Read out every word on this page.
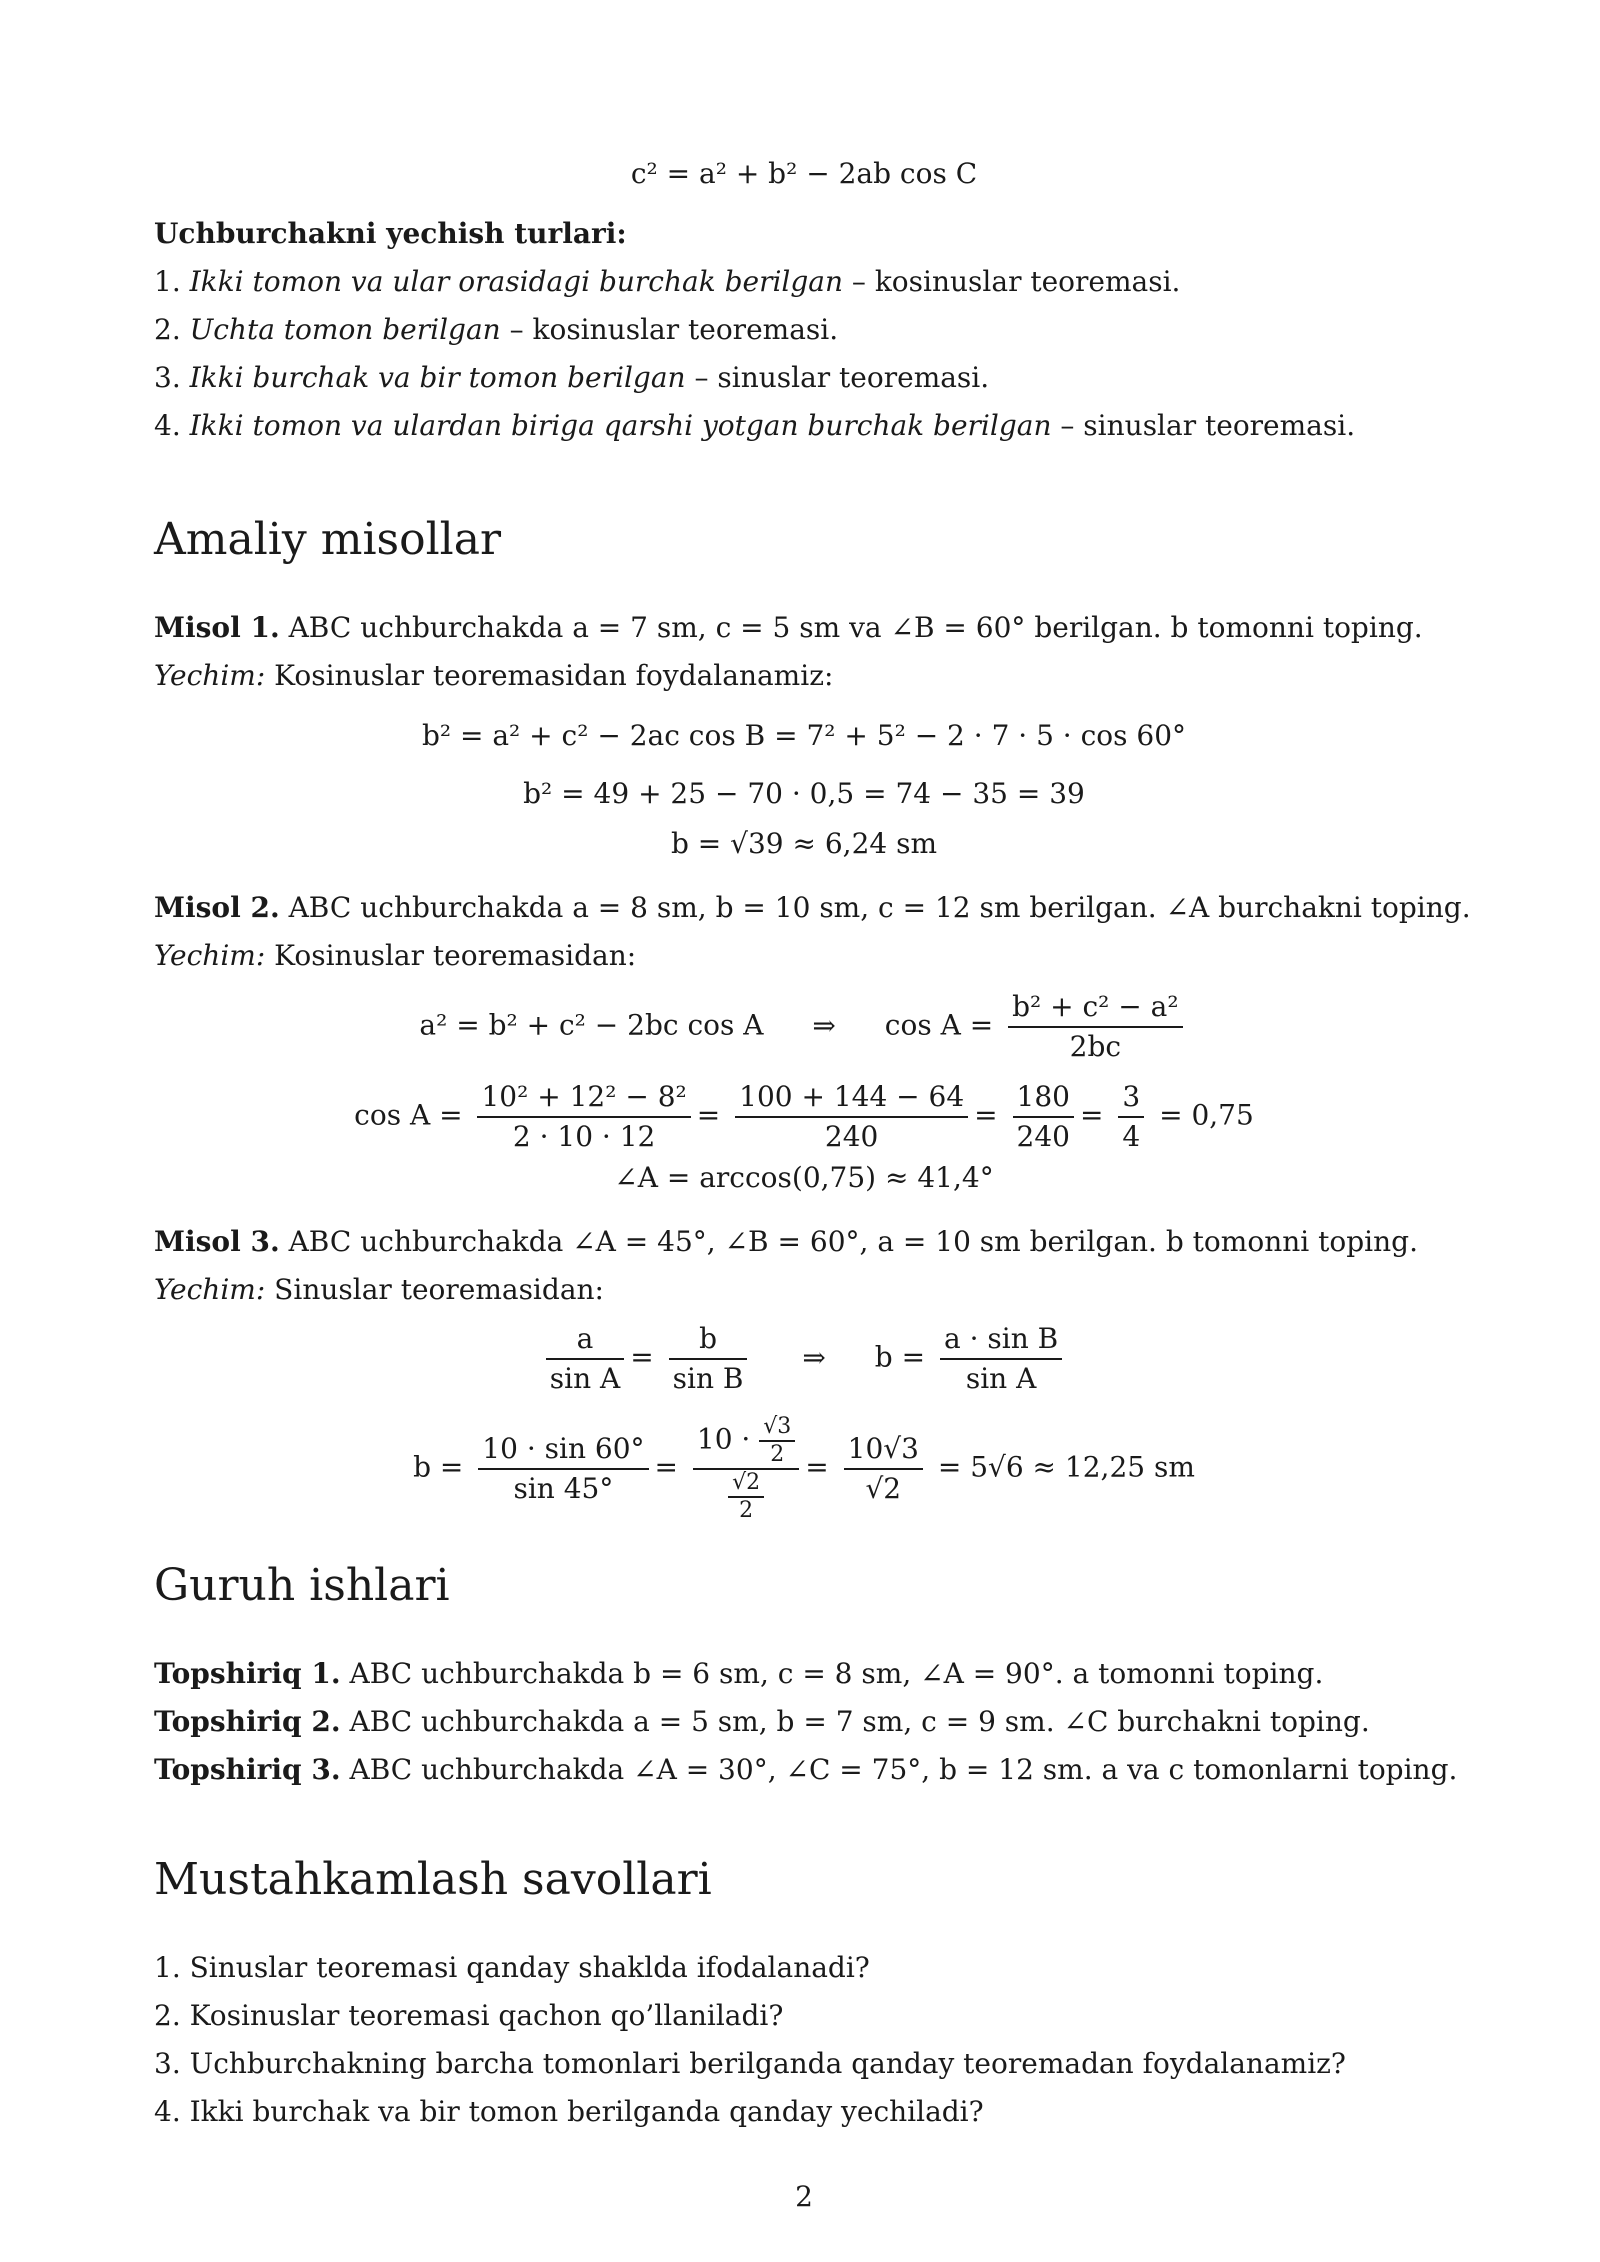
c² = a² + b² − 2ab cos C
Uchburchakni yechish turlari:
1. Ikki tomon va ular orasidagi burchak berilgan – kosinuslar teoremasi.
2. Uchta tomon berilgan – kosinuslar teoremasi.
3. Ikki burchak va bir tomon berilgan – sinuslar teoremasi.
4. Ikki tomon va ulardan biriga qarshi yotgan burchak berilgan – sinuslar teoremasi.
Amaliy misollar
Misol 1. ABC uchburchakda a = 7 sm, c = 5 sm va ∠B = 60° berilgan. b tomonni toping.
Yechim: Kosinuslar teoremasidan foydalanamiz:
b² = a² + c² − 2ac cos B = 7² + 5² − 2 · 7 · 5 · cos 60°
b² = 49 + 25 − 70 · 0,5 = 74 − 35 = 39
b = √39 ≈ 6,24 sm
Misol 2. ABC uchburchakda a = 8 sm, b = 10 sm, c = 12 sm berilgan. ∠A burchakni toping.
Yechim: Kosinuslar teoremasidan:
a² = b² + c² − 2bc cos A ⇒ $\cos A = \frac{\text{b² + c² − a²}}{2bc}$
$\cos A = \frac{\text{10² + 12² − 8²}}{2 \cdot 10 \cdot 12} = \frac{100 + 144 - 64}{240} = \frac{180}{240} = \frac{3}{4} = 0,75$
∠A = arccos(0,75) ≈ 41,4°
Misol 3. ABC uchburchakda ∠A = 45°, ∠B = 60°, a = 10 sm berilgan. b tomonni toping.
Yechim: Sinuslar teoremasidan:
$\frac{a}{\text{sin A}} = \frac{b}{\text{sin B}}$ ⇒ $b = \frac{\text{a · sin B}}{\text{sin A}}$
$b = \frac{10 \cdot \sin 60^\circ}{\sin 45^\circ} = \frac{10 \cdot \frac{√3}{2}}{\frac{√2}{2}} = \frac{10√3}{√2} = 5√6 \approx 12,25$ sm
Guruh ishlari
Topshiriq 1. ABC uchburchakda b = 6 sm, c = 8 sm, ∠A = 90°. a tomonni toping.
Topshiriq 2. ABC uchburchakda a = 5 sm, b = 7 sm, c = 9 sm. ∠C burchakni toping.
Topshiriq 3. ABC uchburchakda ∠A = 30°, ∠C = 75°, b = 12 sm. a va c tomonlarni toping.
Mustahkamlash savollari
1. Sinuslar teoremasi qanday shaklda ifodalanadi?
2. Kosinuslar teoremasi qachon qo’llaniladi?
3. Uchburchakning barcha tomonlari berilganda qanday teoremadan foydalanamiz?
4. Ikki burchak va bir tomon berilganda qanday yechiladi?
2
